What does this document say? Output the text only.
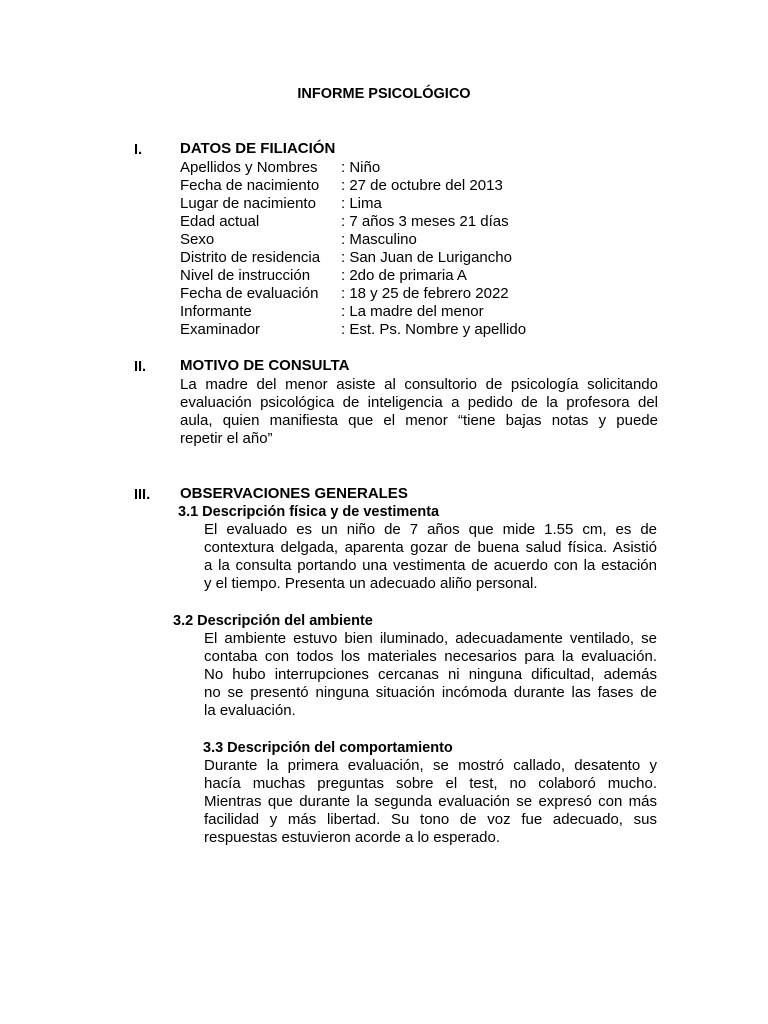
INFORME PSICOLÓGICO
I.	DATOS DE FILIACIÓN
Apellidos y Nombres	: Niño
Fecha de nacimiento	: 27 de octubre del 2013
Lugar de nacimiento	: Lima
Edad actual	: 7 años 3 meses 21 días
Sexo	: Masculino
Distrito de residencia	: San Juan de Lurigancho
Nivel de instrucción	: 2do de primaria A
Fecha de evaluación	: 18 y 25 de febrero 2022
Informante	: La madre del menor
Examinador	: Est. Ps. Nombre y apellido
II. MOTIVO DE CONSULTA
La madre del menor asiste al consultorio de psicología solicitando
evaluación psicológica de inteligencia a pedido de la profesora del
aula, quien manifiesta que el menor “tiene bajas notas y puede
repetir el año”
III. OBSERVACIONES GENERALES
3.1 Descripción física y de vestimenta
El evaluado es un niño de 7 años que mide 1.55 cm, es de
contextura delgada, aparenta gozar de buena salud física. Asistió
a la consulta portando una vestimenta de acuerdo con la estación
y el tiempo. Presenta un adecuado aliño personal.
3.2 Descripción del ambiente
El ambiente estuvo bien iluminado, adecuadamente ventilado, se
contaba con todos los materiales necesarios para la evaluación.
No hubo interrupciones cercanas ni ninguna dificultad, además
no se presentó ninguna situación incómoda durante las fases de
la evaluación.
3.3 Descripción del comportamiento
Durante la primera evaluación, se mostró callado, desatento y
hacía muchas preguntas sobre el test, no colaboró mucho.
Mientras que durante la segunda evaluación se expresó con más
facilidad y más libertad. Su tono de voz fue adecuado, sus
respuestas estuvieron acorde a lo esperado.
